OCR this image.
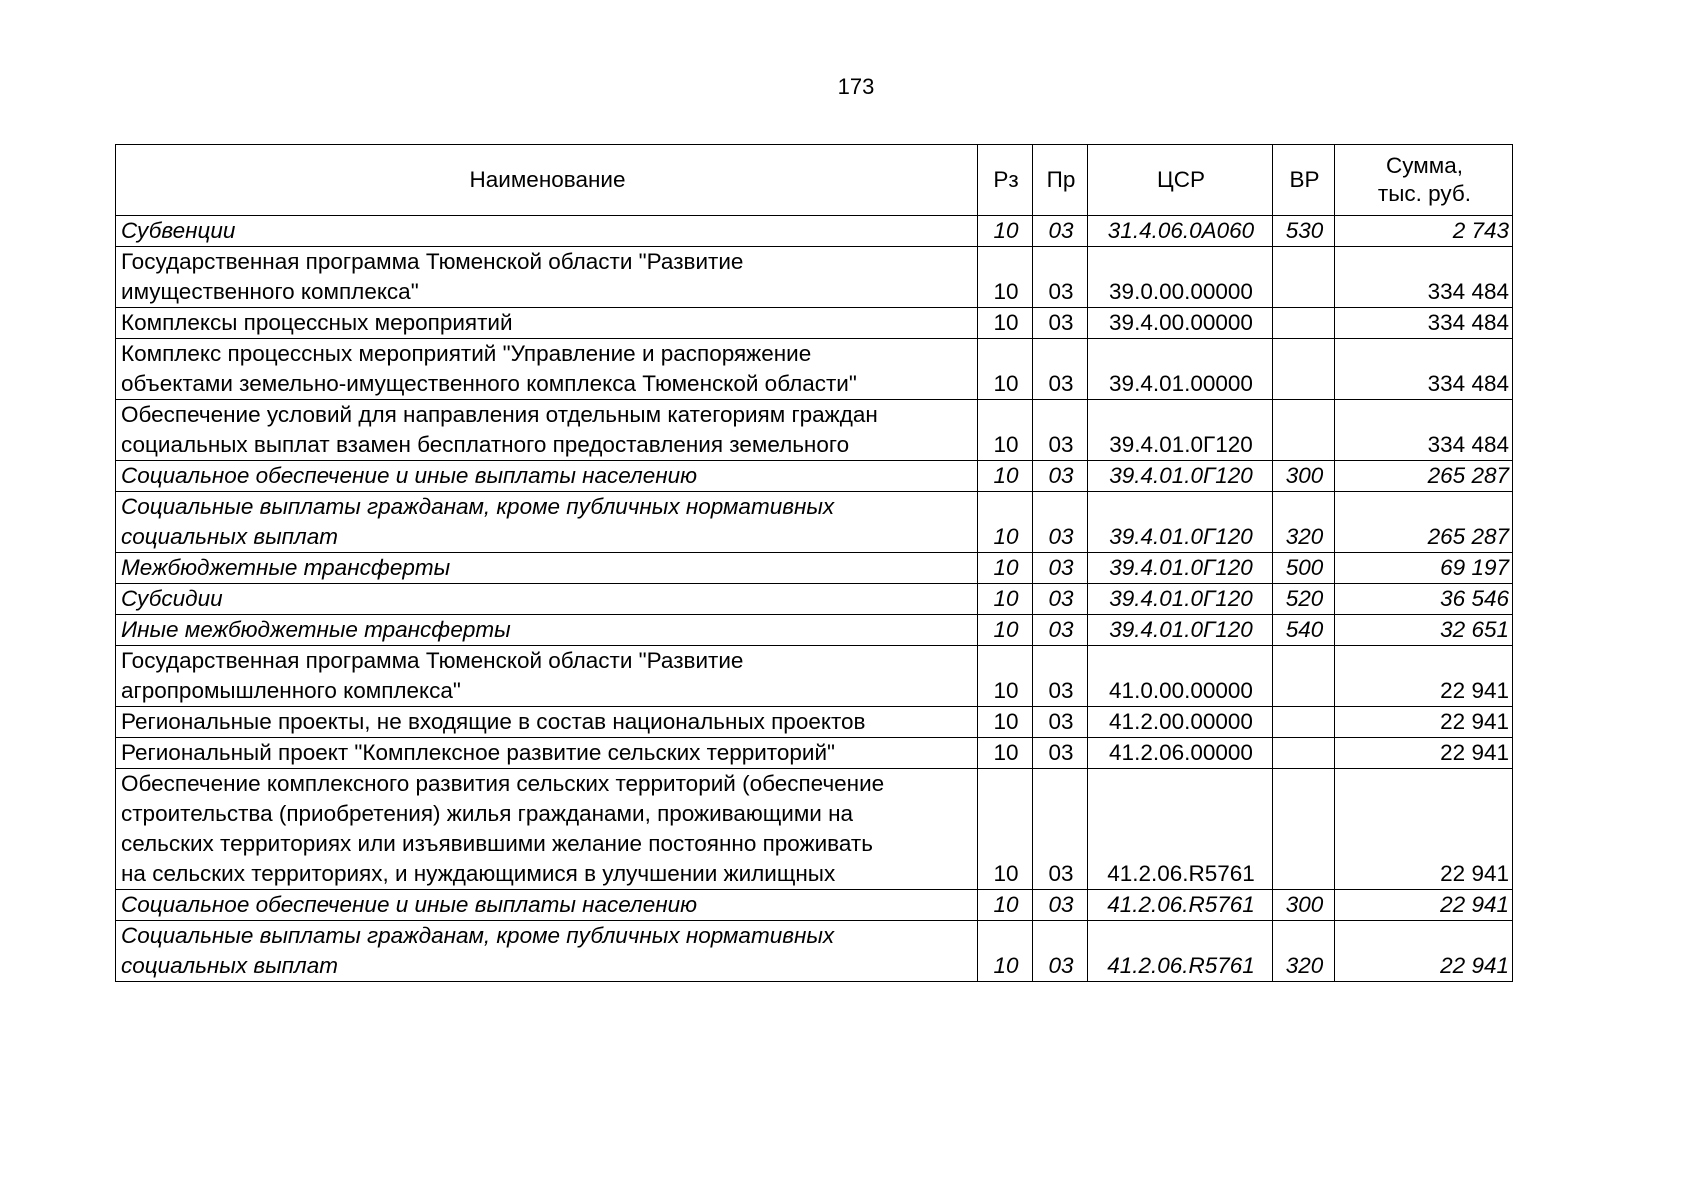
173
Наименование	Рз	Пр	ЦСР	ВР	Сумма,
тыс. руб.
Субвенции	10	03	31.4.06.0А060	530	2 743
Государственная программа Тюменской области "Развитие
имущественного комплекса"	10	03	39.0.00.00000		334 484
Комплексы процессных мероприятий	10	03	39.4.00.00000		334 484
Комплекс процессных мероприятий "Управление и распоряжение
объектами земельно-имущественного комплекса Тюменской области"	10	03	39.4.01.00000		334 484
Обеспечение условий для направления отдельным категориям граждан
социальных выплат взамен бесплатного предоставления земельного	10	03	39.4.01.0Г120		334 484
Социальное обеспечение и иные выплаты населению	10	03	39.4.01.0Г120	300	265 287
Социальные выплаты гражданам, кроме публичных нормативных
социальных выплат	10	03	39.4.01.0Г120	320	265 287
Межбюджетные трансферты	10	03	39.4.01.0Г120	500	69 197
Субсидии	10	03	39.4.01.0Г120	520	36 546
Иные межбюджетные трансферты	10	03	39.4.01.0Г120	540	32 651
Государственная программа Тюменской области "Развитие
агропромышленного комплекса"	10	03	41.0.00.00000		22 941
Региональные проекты, не входящие в состав национальных проектов	10	03	41.2.00.00000		22 941
Региональный проект "Комплексное развитие сельских территорий"	10	03	41.2.06.00000		22 941
Обеспечение комплексного развития сельских территорий (обеспечение
строительства (приобретения) жилья гражданами, проживающими на
сельских территориях или изъявившими желание постоянно проживать
на сельских территориях, и нуждающимися в улучшении жилищных	10	03	41.2.06.R5761		22 941
Социальное обеспечение и иные выплаты населению	10	03	41.2.06.R5761	300	22 941
Социальные выплаты гражданам, кроме публичных нормативных
социальных выплат	10	03	41.2.06.R5761	320	22 941
